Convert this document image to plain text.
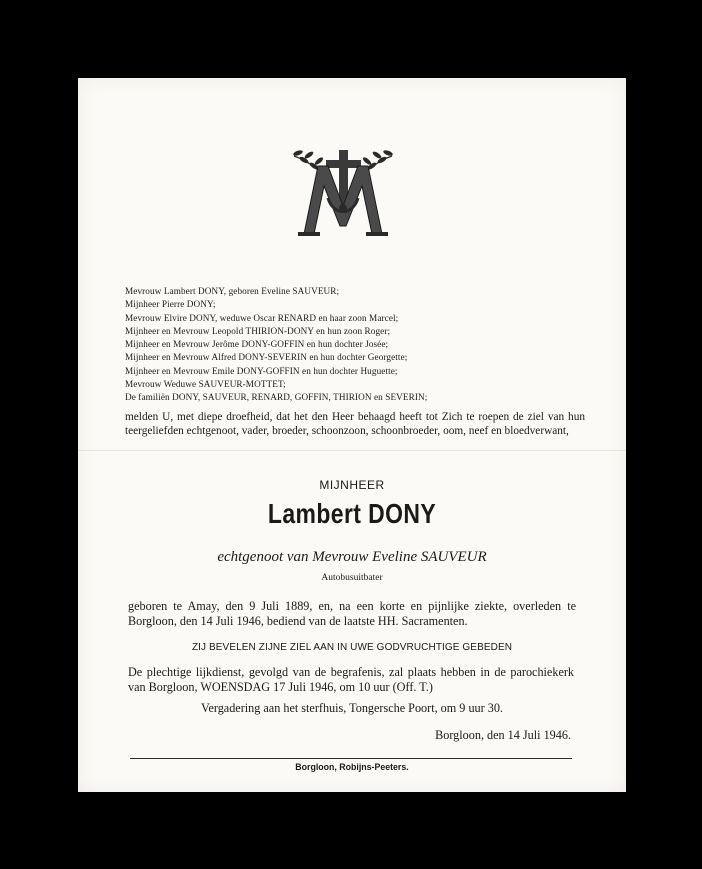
Mevrouw Lambert DONY, geboren Eveline SAUVEUR;
Mijnheer Pierre DONY;
Mevrouw Elvire DONY, weduwe Oscar RENARD en haar zoon Marcel;
Mijnheer en Mevrouw Leopold THIRION-DONY en hun zoon Roger;
Mijnheer en Mevrouw Jerôme DONY-GOFFIN en hun dochter Josée;
Mijnheer en Mevrouw Alfred DONY-SEVERIN en hun dochter Georgette;
Mijnheer en Mevrouw Emile DONY-GOFFIN en hun dochter Huguette;
Mevrouw Weduwe SAUVEUR-MOTTET;
De familiën DONY, SAUVEUR, RENARD, GOFFIN, THIRION en SEVERIN;
melden U, met diepe droefheid, dat het den Heer behaagd heeft tot Zich te roepen de ziel van hun teergeliefden echtgenoot, vader, broeder, schoonzoon, schoonbroeder, oom, neef en bloedverwant,
MIJNHEER
Lambert DONY
echtgenoot van Mevrouw Eveline SAUVEUR
Autobusuitbater
geboren te Amay, den 9 Juli 1889, en, na een korte en pijnlijke ziekte, overleden te Borgloon, den 14 Juli 1946, bediend van de laatste HH. Sacramenten.
ZIJ BEVELEN ZIJNE ZIEL AAN IN UWE GODVRUCHTIGE GEBEDEN
De plechtige lijkdienst, gevolgd van de begrafenis, zal plaats hebben in de parochiekerk van Borgloon, WOENSDAG 17 Juli 1946, om 10 uur (Off. T.)
Vergadering aan het sterfhuis, Tongersche Poort, om 9 uur 30.
Borgloon, den 14 Juli 1946.
Borgloon, Robijns-Peeters.
